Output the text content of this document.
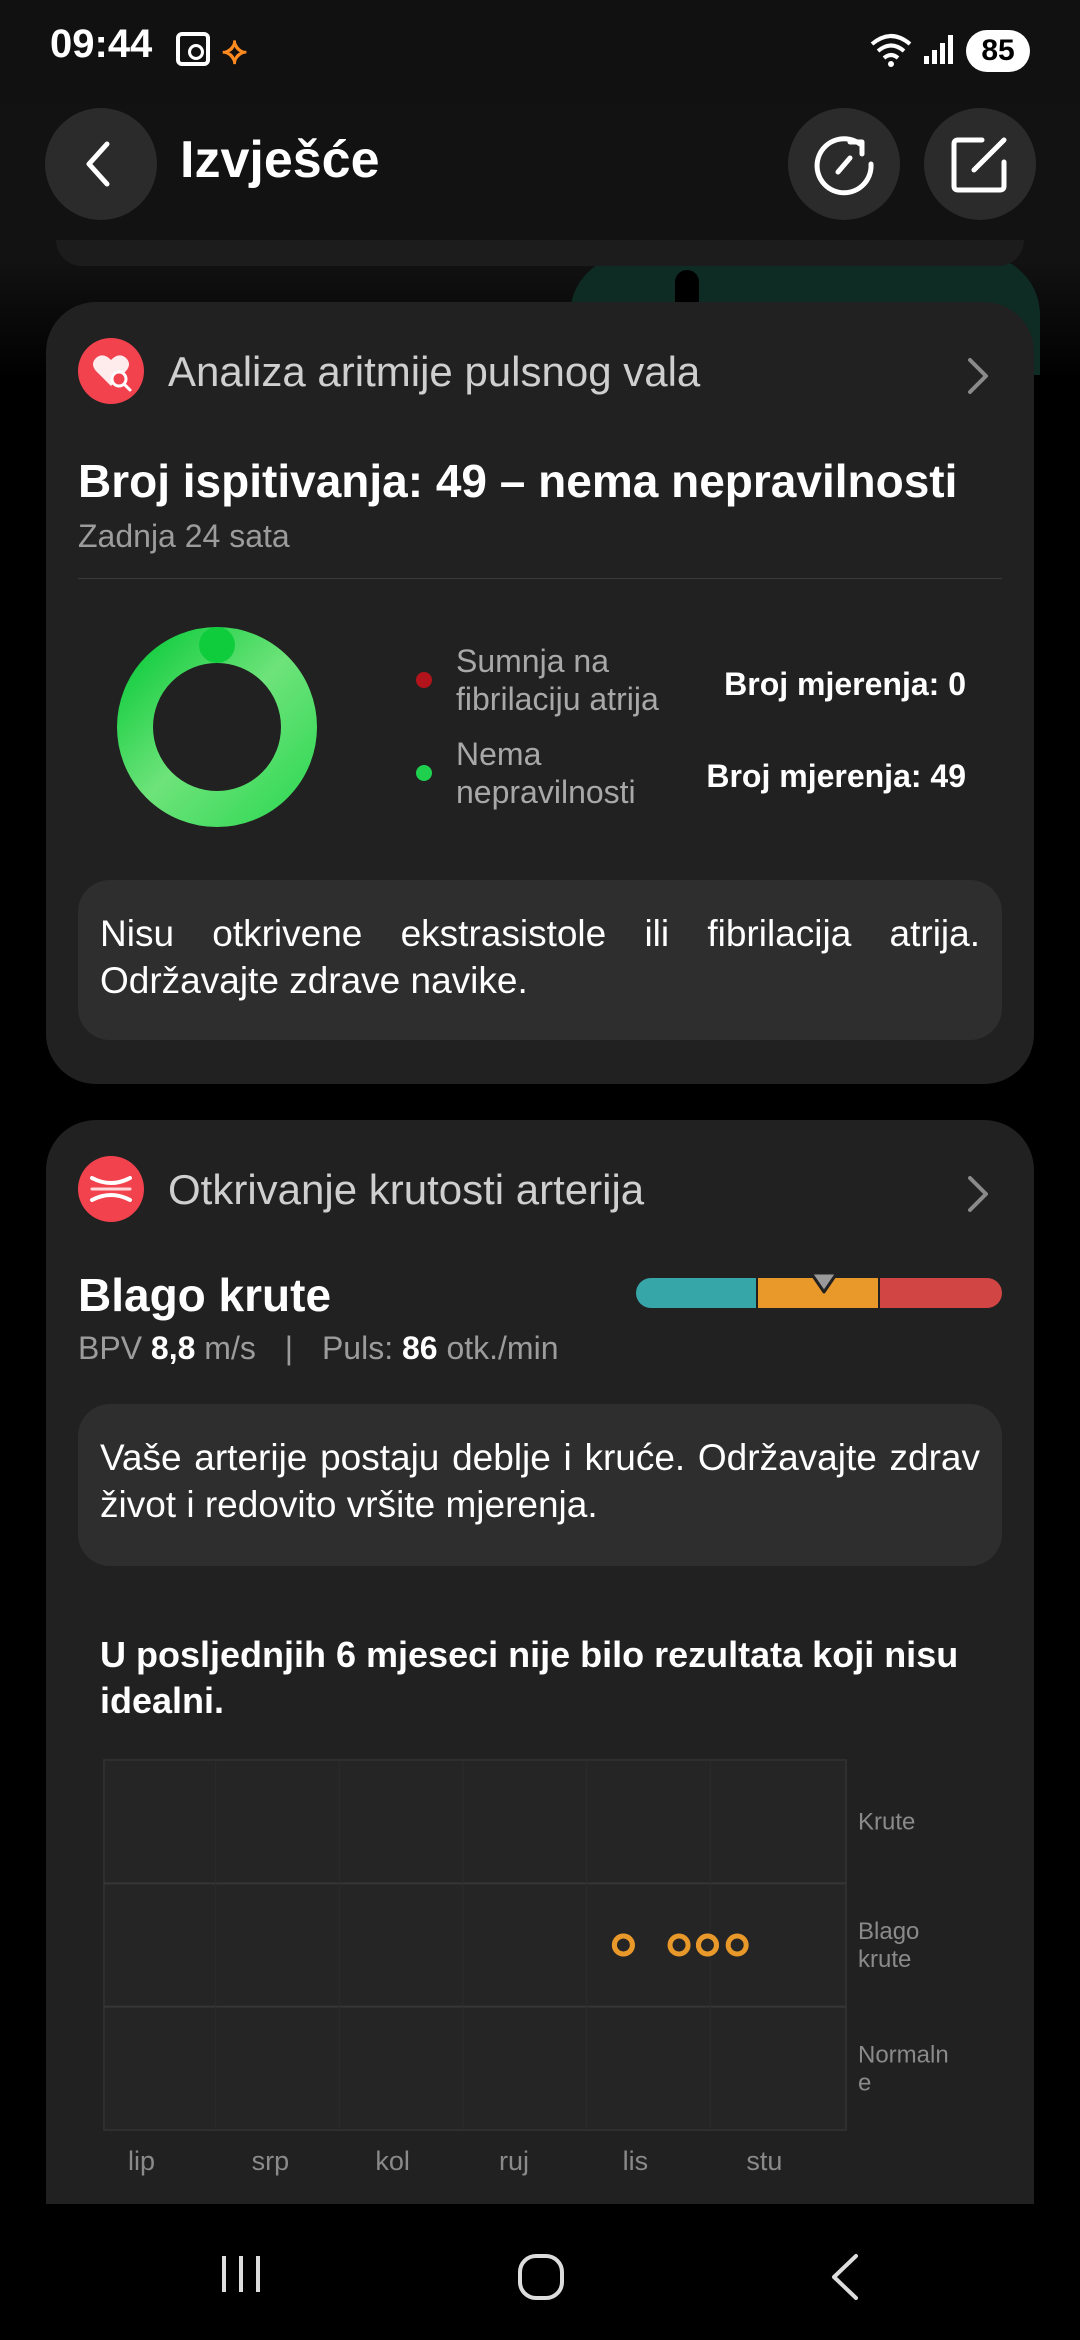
09:44 ⟡	85
Izvješće
Analiza aritmije pulsnog vala
Broj ispitivanja: 49 – nema nepravilnosti
Zadnja 24 sata
Sumnja na
fibrilaciju atrija Broj mjerenja: 0
Nema
nepravilnosti Broj mjerenja: 49
Nisu otkrivene ekstrasistole ili fibrilacija atrija. Održavajte zdrave navike.
Otkrivanje krutosti arterija
Blago krute
BPV 8,8 m/s | Puls: 86 otk./min
Vaše arterije postaju deblje i kruće. Održavajte zdrav život i redovito vršite mjerenja.
U posljednjih 6 mjeseci nije bilo rezultata koji nisu idealni.
Krute
Blago
krute
Normaln
e
lip	srp	kol	ruj	lis	stu
